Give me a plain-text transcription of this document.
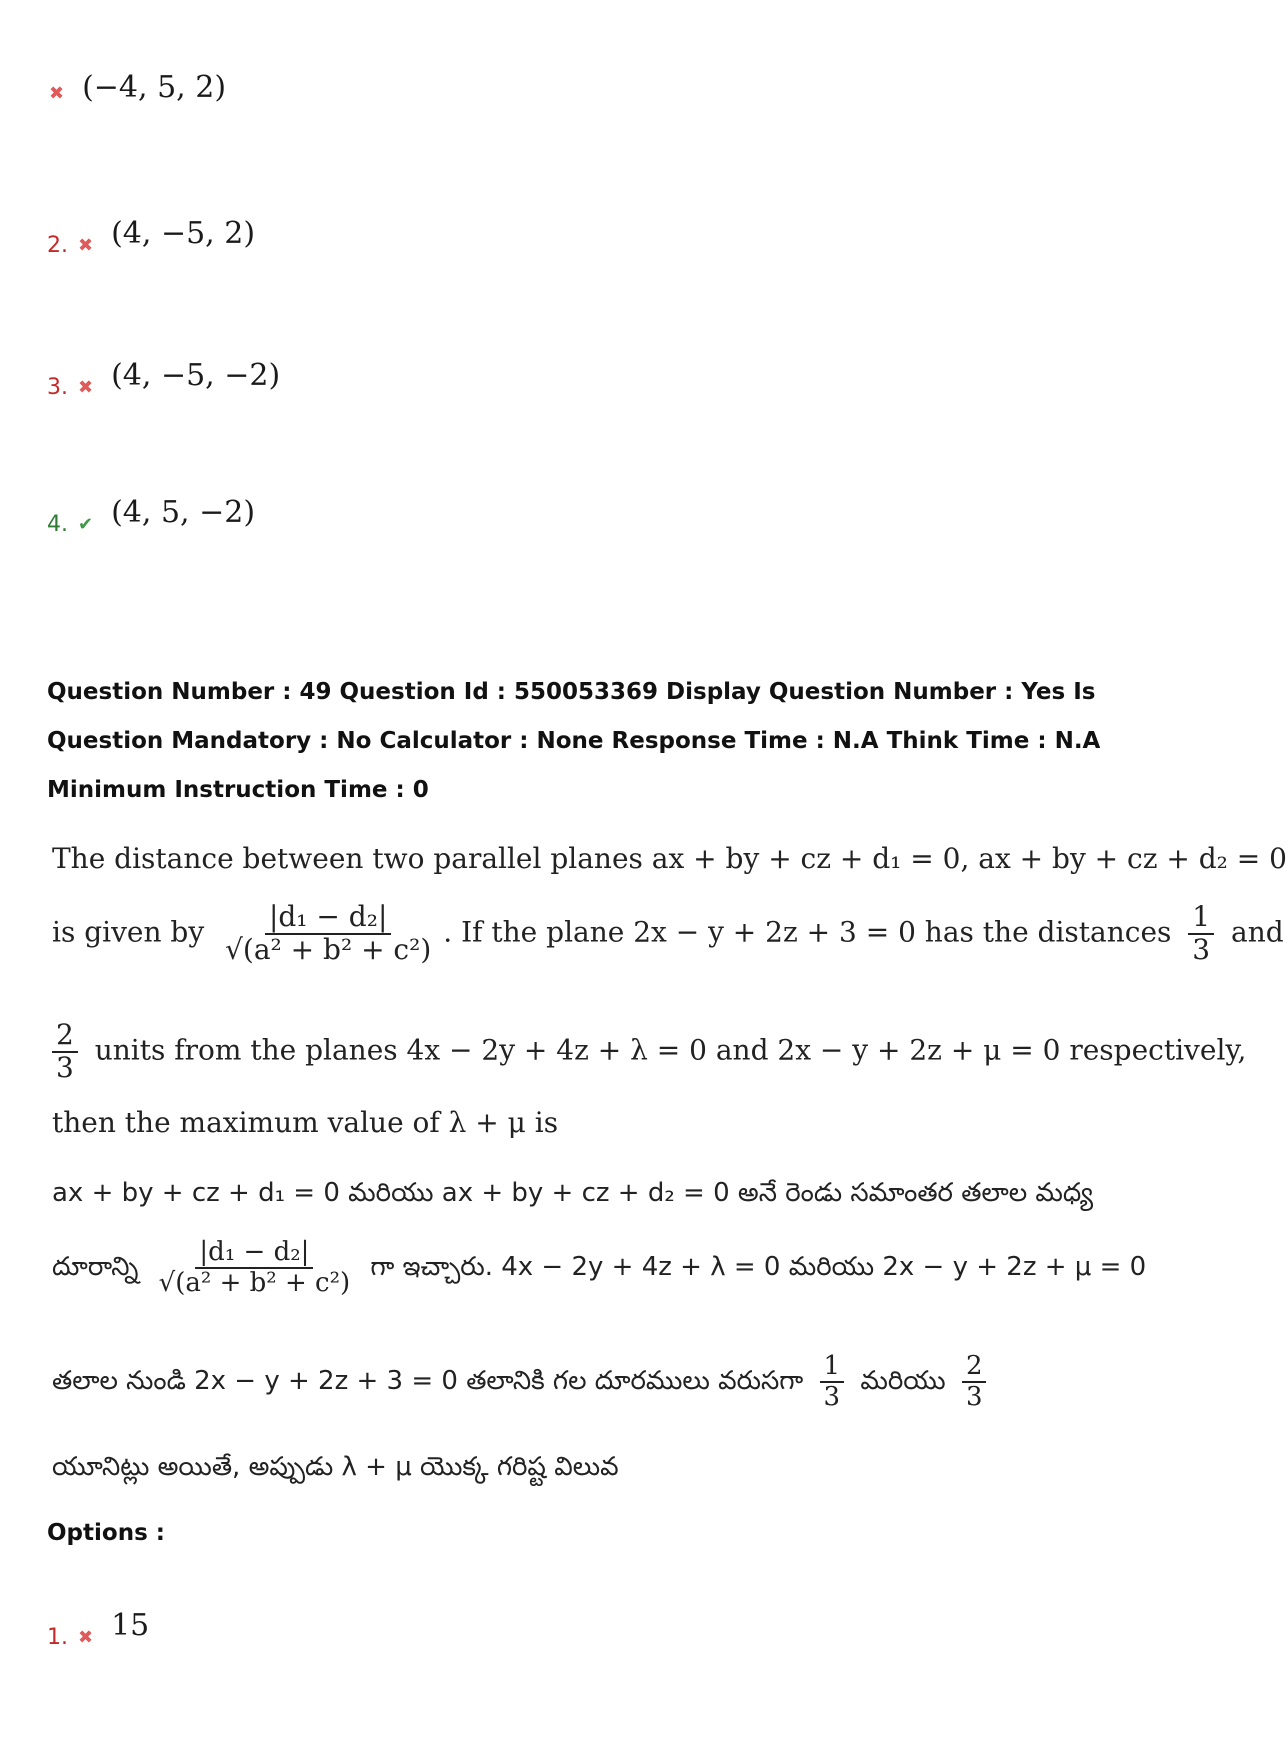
✖ (−4, 5, 2)
2. ✖ (4, −5, 2)
3. ✖ (4, −5, −2)
4. ✔ (4, 5, −2)
Question Number : 49 Question Id : 550053369 Display Question Number : Yes Is Question Mandatory : No Calculator : None Response Time : N.A Think Time : N.A Minimum Instruction Time : 0
The distance between two parallel planes ax + by + cz + d₁ = 0, ax + by + cz + d₂ = 0
is given by $\frac{\text{|d₁ − d₂|}}{\text{√(a² + b² + c²)}}$ . If the plane 2x − y + 2z + 3 = 0 has the distances $\frac{1}{3}$ and
$\frac{2}{3}$ units from the planes 4x − 2y + 4z + λ = 0 and 2x − y + 2z + μ = 0 respectively,
then the maximum value of λ + μ is
ax + by + cz + d₁ = 0 మరియు ax + by + cz + d₂ = 0 అనే రెండు సమాంతర తలాల మధ్య
దూరాన్ని $\frac{\text{|d₁ − d₂|}}{\text{√(a² + b² + c²)}}$ గా ఇచ్చారు. 4x − 2y + 4z + λ = 0 మరియు 2x − y + 2z + μ = 0
తలాల నుండి 2x − y + 2z + 3 = 0 తలానికి గల దూరములు వరుసగా $\frac{1}{3}$ మరియు $\frac{2}{3}$
యూనిట్లు అయితే, అప్పుడు λ + μ యొక్క గరిష్ట విలువ
Options :
1. ✖ 15
